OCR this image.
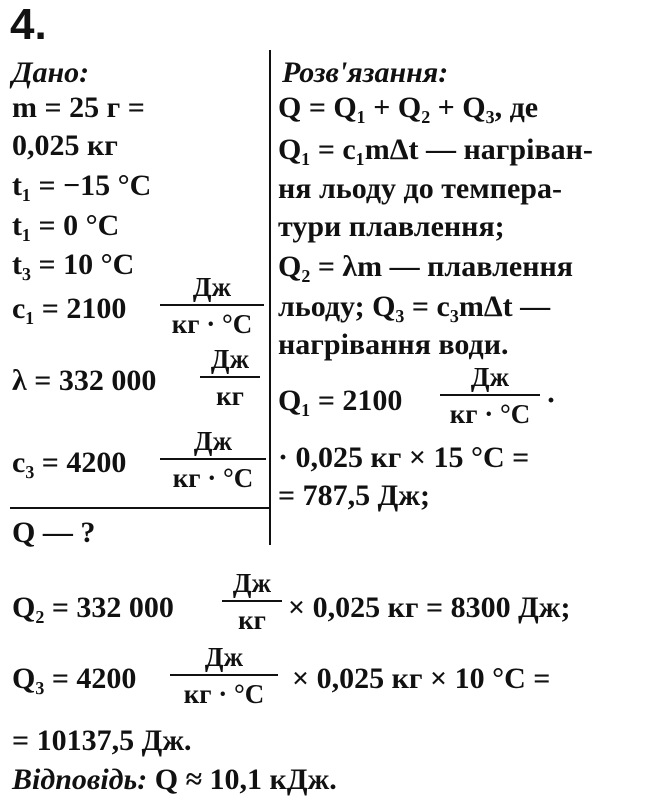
4.
Дано:
m = 25 г =
0,025 кг
t₁ = −15 °С
t₁ = 0 °С
t₃ = 10 °С
c₁ = 2100
Дж
кг · °С
λ = 332 000
Дж
кг
c₃ = 4200
Дж
кг · °С
Q — ?
Розв'язання:
Q = Q₁ + Q₂ + Q₃, де
Q₁ = c₁mΔt — нагріван-
ня льоду до темпера-
тури плавлення;
Q₂ = λm — плавлення
льоду; Q₃ = c₃mΔt —
нагрівання води.
Q₁ = 2100
Дж
кг · °С ·
· 0,025 кг × 15 °С =
= 787,5 Дж;
Q₂ = 332 000
Дж
кг × 0,025 кг = 8300 Дж;
Q₃ = 4200
Дж
кг · °С × 0,025 кг × 10 °С =
= 10137,5 Дж.
Відповідь: Q ≈ 10,1 кДж.
